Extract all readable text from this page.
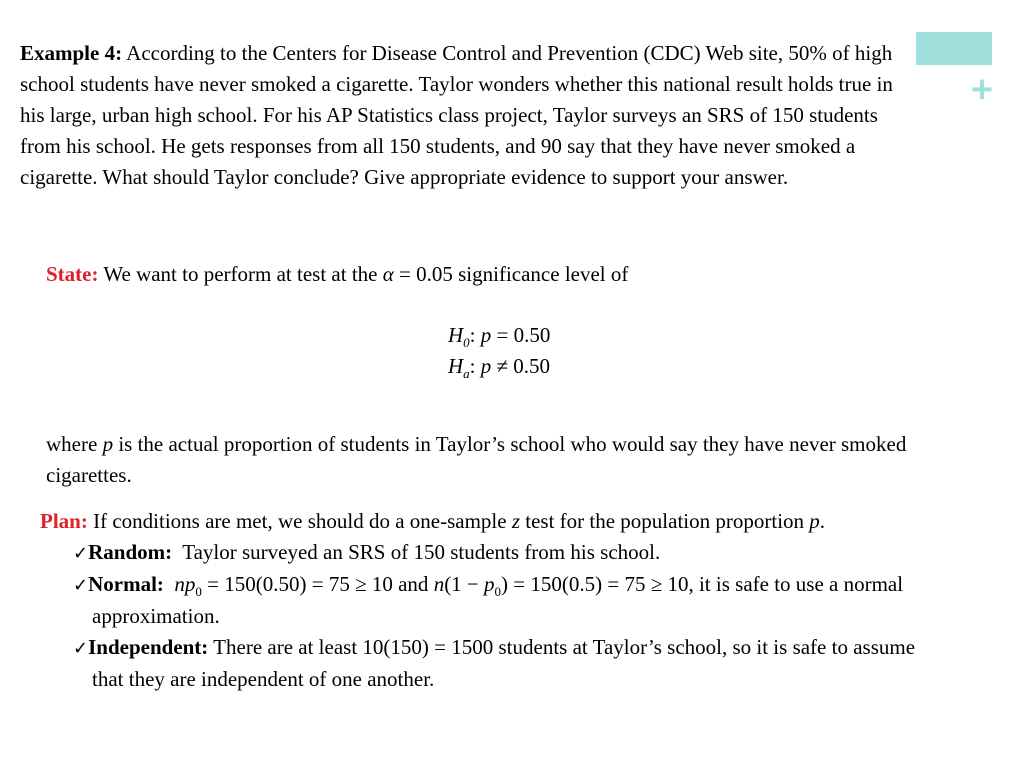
+
Example 4: According to the Centers for Disease Control and Prevention (CDC) Web site, 50% of high school students have never smoked a cigarette. Taylor wonders whether this national result holds true in his large, urban high school. For his AP Statistics class project, Taylor surveys an SRS of 150 students from his school. He gets responses from all 150 students, and 90 say that they have never smoked a cigarette. What should Taylor conclude? Give appropriate evidence to support your answer.
State: We want to perform at test at the α = 0.05 significance level of
$H_0$: p = 0.50
$H_a$: p ≠ 0.50
where p is the actual proportion of students in Taylor’s school who would say they have never smoked cigarettes.
Plan: If conditions are met, we should do a one-sample z test for the population proportion p.
✓Random: Taylor surveyed an SRS of 150 students from his school.
✓Normal: $np_0 = 150(0.50) = 75 \ge 10$ and $n(1 - p_0) = 150(0.5) = 75 \ge 10$, it is safe to use a normal approximation.
✓Independent: There are at least 10(150) = 1500 students at Taylor’s school, so it is safe to assume that they are independent of one another.
